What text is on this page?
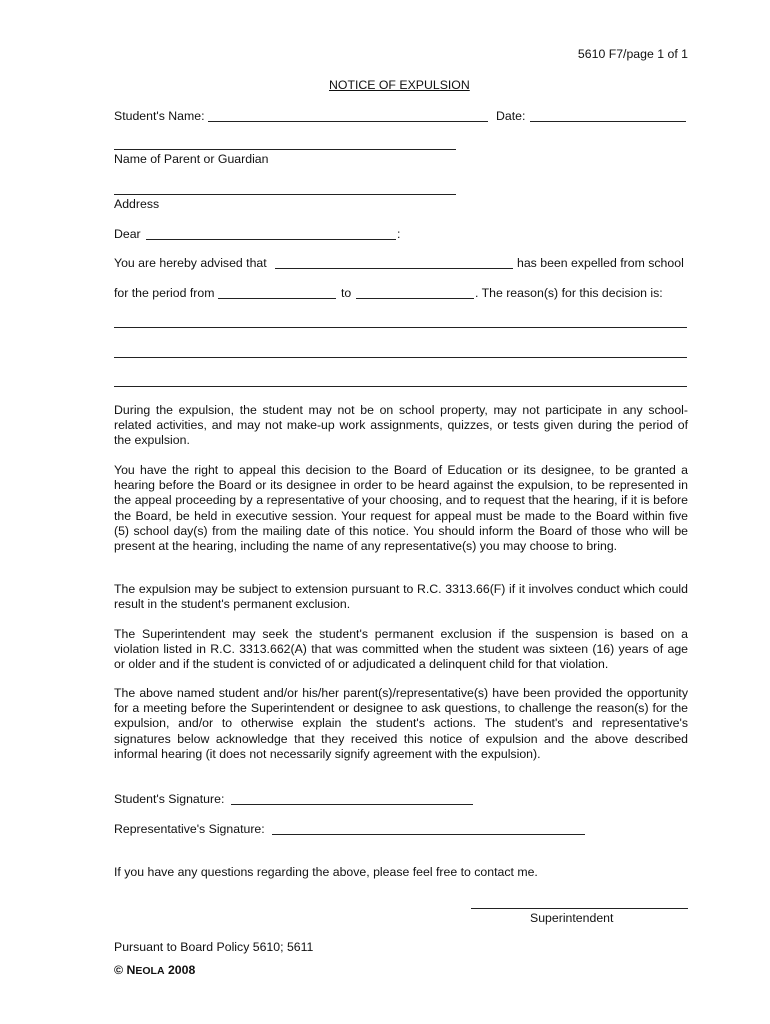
5610 F7/page 1 of 1
NOTICE OF EXPULSION
Student's Name:	Date:
Name of Parent or Guardian
Address
Dear	:
You are hereby advised that	has been expelled from school
for the period from	to	. The reason(s) for this decision is:

During the expulsion, the student may not be on school property, may not participate in any school-related activities, and may not make-up work assignments, quizzes, or tests given during the period of the expulsion.

You have the right to appeal this decision to the Board of Education or its designee, to be granted a hearing before the Board or its designee in order to be heard against the expulsion, to be represented in the appeal proceeding by a representative of your choosing, and to request that the hearing, if it is before the Board, be held in executive session. Your request for appeal must be made to the Board within five (5) school day(s) from the mailing date of this notice. You should inform the Board of those who will be present at the hearing, including the name of any representative(s) you may choose to bring.

The expulsion may be subject to extension pursuant to R.C. 3313.66(F) if it involves conduct which could result in the student's permanent exclusion.

The Superintendent may seek the student's permanent exclusion if the suspension is based on a violation listed in R.C. 3313.662(A) that was committed when the student was sixteen (16) years of age or older and if the student is convicted of or adjudicated a delinquent child for that violation.

The above named student and/or his/her parent(s)/representative(s) have been provided the opportunity for a meeting before the Superintendent or designee to ask questions, to challenge the reason(s) for the expulsion, and/or to otherwise explain the student's actions. The student's and representative's signatures below acknowledge that they received this notice of expulsion and the above described informal hearing (it does not necessarily signify agreement with the expulsion).

Student's Signature:
Representative's Signature:
If you have any questions regarding the above, please feel free to contact me.
Superintendent
Pursuant to Board Policy 5610; 5611
© NEOLA 2008
